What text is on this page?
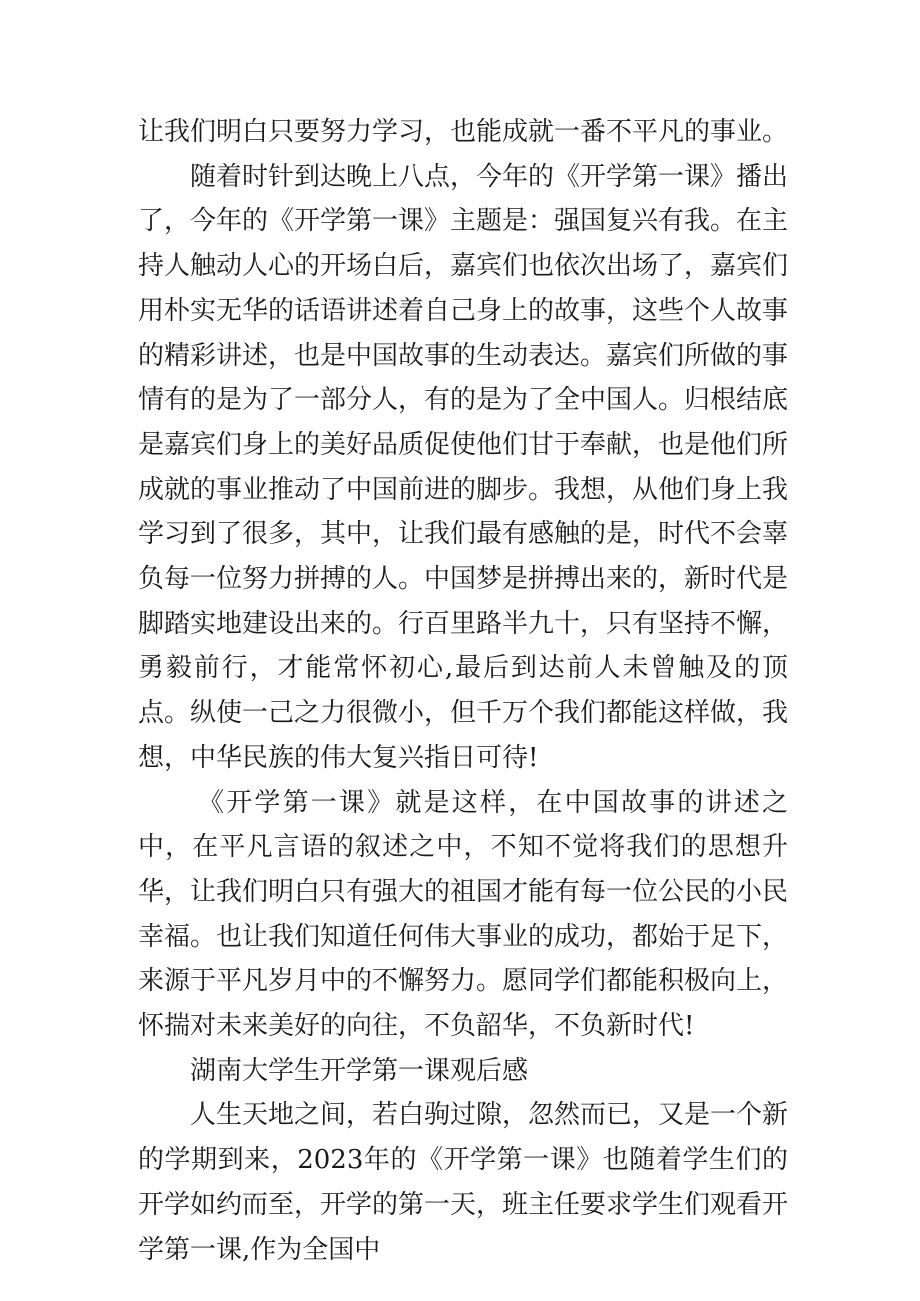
让我们明白只要努力学习，也能成就一番不平凡的事业。

随着时针到达晚上八点，今年的《开学第一课》播出了，今年的《开学第一课》主题是：强国复兴有我。在主持人触动人心的开场白后，嘉宾们也依次出场了，嘉宾们用朴实无华的话语讲述着自己身上的故事，这些个人故事的精彩讲述，也是中国故事的生动表达。嘉宾们所做的事情有的是为了一部分人，有的是为了全中国人。归根结底是嘉宾们身上的美好品质促使他们甘于奉献，也是他们所成就的事业推动了中国前进的脚步。我想，从他们身上我学习到了很多，其中，让我们最有感触的是，时代不会辜负每一位努力拼搏的人。中国梦是拼搏出来的，新时代是脚踏实地建设出来的。行百里路半九十，只有坚持不懈，勇毅前行，才能常怀初心,最后到达前人未曾触及的顶点。纵使一己之力很微小，但千万个我们都能这样做，我想，中华民族的伟大复兴指日可待!

《开学第一课》就是这样，在中国故事的讲述之中，在平凡言语的叙述之中，不知不觉将我们的思想升华，让我们明白只有强大的祖国才能有每一位公民的小民幸福。也让我们知道任何伟大事业的成功，都始于足下，来源于平凡岁月中的不懈努力。愿同学们都能积极向上，怀揣对未来美好的向往，不负韶华，不负新时代!

湖南大学生开学第一课观后感

人生天地之间，若白驹过隙，忽然而已，又是一个新的学期到来，2023年的《开学第一课》也随着学生们的开学如约而至，开学的第一天，班主任要求学生们观看开学第一课,作为全国中
